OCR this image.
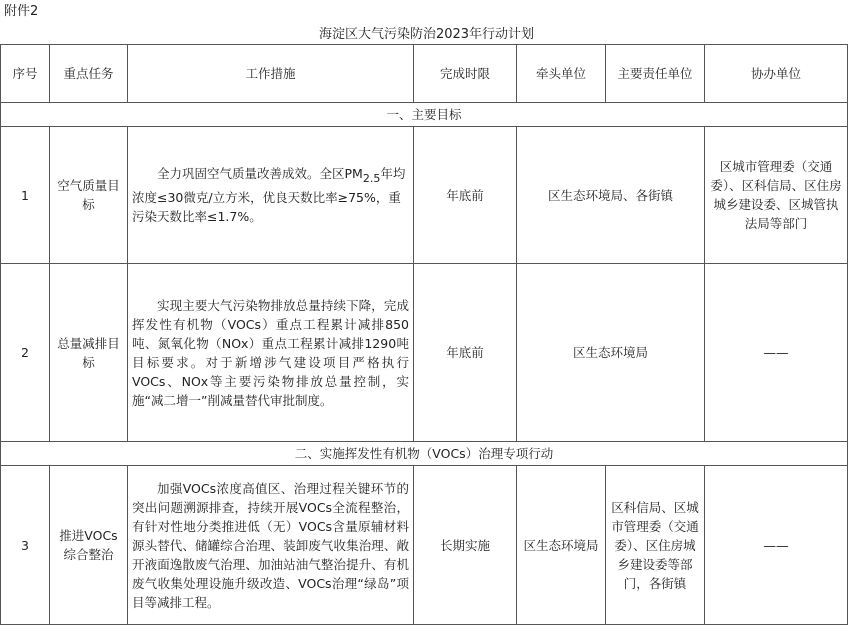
附件2
海淀区大气污染防治2023年行动计划
序号	重点任务	工作措施	完成时限	牵头单位	主要责任单位	协办单位
一、主要目标						
1	空气质量目标	全力巩固空气质量改善成效。全区PM2.5年均浓度≤30微克/立方米，优良天数比率≥75%，重污染天数比率≤1.7%。	年底前	区生态环境局、各街镇		区城市管理委（交通委）、区科信局、区住房城乡建设委、区城管执法局等部门
2	总量减排目标	实现主要大气污染物排放总量持续下降，完成挥发性有机物（VOCs）重点工程累计减排850吨、氮氧化物（NOx）重点工程累计减排1290吨目标要求。对于新增涉气建设项目严格执行VOCs、NOx等主要污染物排放总量控制，实施“减二增一”削减量替代审批制度。	年底前	区生态环境局		——
二、实施挥发性有机物（VOCs）治理专项行动						
3	推进VOCs综合整治	加强VOCs浓度高值区、治理过程关键环节的突出问题溯源排查，持续开展VOCs全流程整治，有针对性地分类推进低（无）VOCs含量原辅材料源头替代、储罐综合治理、装卸废气收集治理、敞开液面逸散废气治理、加油站油气整治提升、有机废气收集处理设施升级改造、VOCs治理“绿岛”项目等减排工程。	长期实施	区生态环境局	区科信局、区城市管理委（交通委）、区住房城乡建设委等部门，各街镇	——
